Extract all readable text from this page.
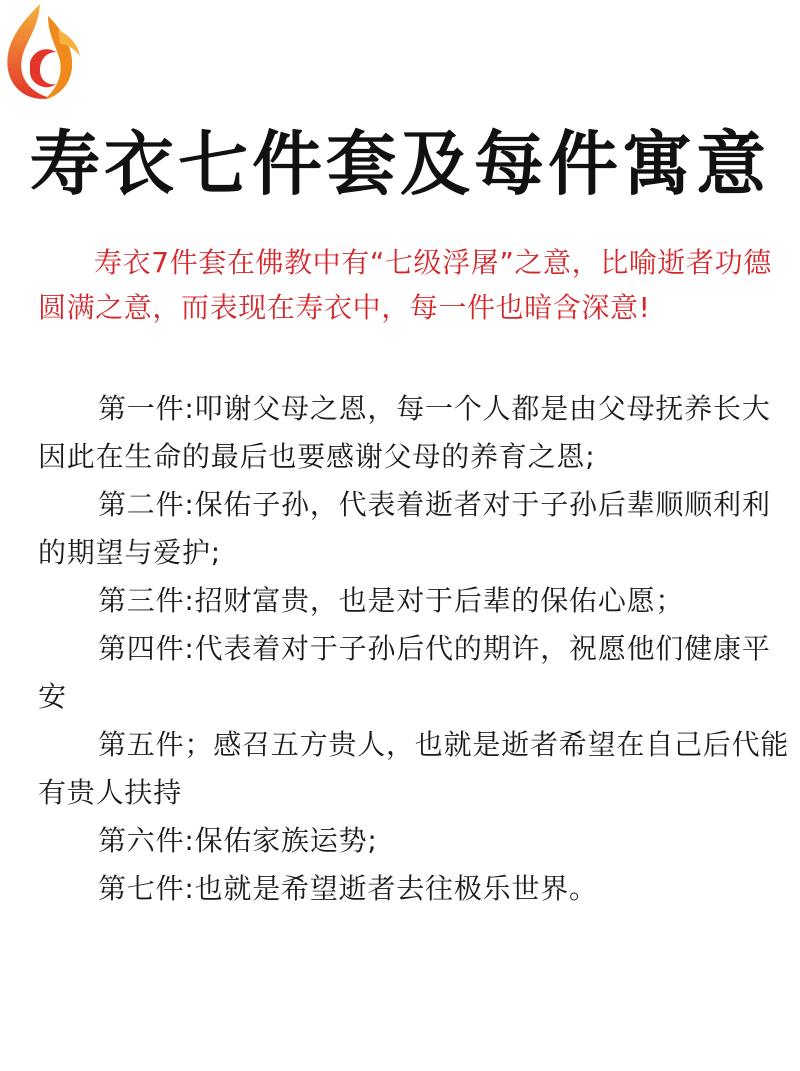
寿衣七件套及每件寓意

寿衣7件套在佛教中有“七级浮屠”之意，比喻逝者功德圆满之意，而表现在寿衣中，每一件也暗含深意!

第一件:叩谢父母之恩，每一个人都是由父母抚养长大因此在生命的最后也要感谢父母的养育之恩;

第二件:保佑子孙，代表着逝者对于子孙后辈顺顺利利的期望与爱护;

第三件:招财富贵，也是对于后辈的保佑心愿；

第四件:代表着对于子孙后代的期许，祝愿他们健康平安

第五件；感召五方贵人，也就是逝者希望在自己后代能有贵人扶持

第六件:保佑家族运势;

第七件:也就是希望逝者去往极乐世界。
